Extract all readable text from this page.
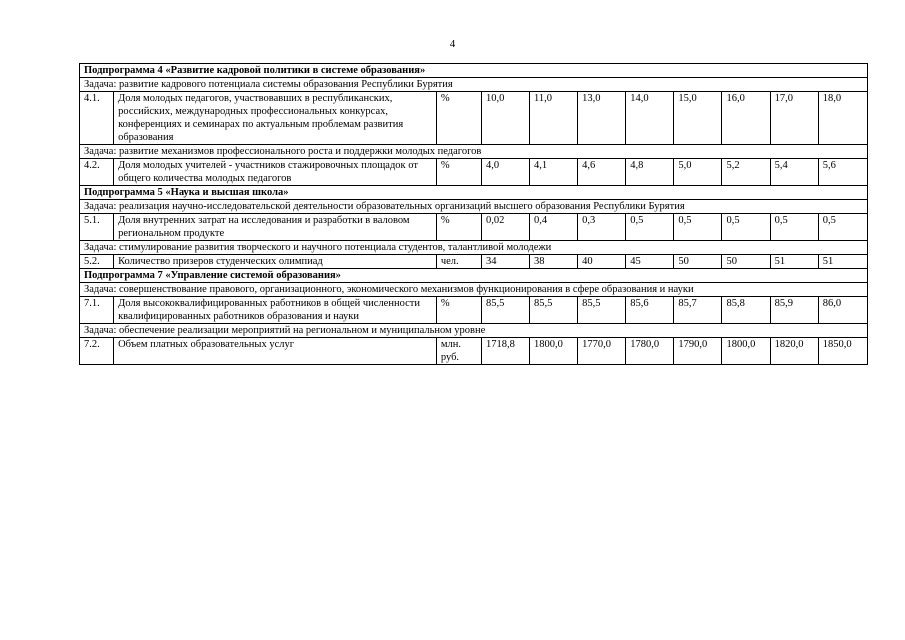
4
Подпрограмма 4 «Развитие кадровой политики в системе образования»										
Задача: развитие кадрового потенциала системы образования Республики Бурятия										
4.1.	Доля молодых педагогов, участвовавших в республиканских, российских, международных профессиональных конкурсах, конференциях и семинарах по актуальным проблемам развития образования	%	10,0	11,0	13,0	14,0	15,0	16,0	17,0	18,0
Задача: развитие механизмов профессионального роста и поддержки молодых педагогов										
4.2.	Доля молодых учителей - участников стажировочных площадок от общего количества молодых педагогов	%	4,0	4,1	4,6	4,8	5,0	5,2	5,4	5,6
Подпрограмма 5 «Наука и высшая школа»										
Задача: реализация научно-исследовательской деятельности образовательных организаций высшего образования Республики Бурятия										
5.1.	Доля внутренних затрат на исследования и разработки в валовом региональном продукте	%	0,02	0,4	0,3	0,5	0,5	0,5	0,5	0,5
Задача: стимулирование развития творческого и научного потенциала студентов, талантливой молодежи										
5.2.	Количество призеров студенческих олимпиад	чел.	34	38	40	45	50	50	51	51
Подпрограмма 7 «Управление системой образования»										
Задача: совершенствование правового, организационного, экономического механизмов функционирования в сфере образования и науки										
7.1.	Доля высококвалифицированных работников в общей численности квалифицированных работников образования и науки	%	85,5	85,5	85,5	85,6	85,7	85,8	85,9	86,0
Задача: обеспечение реализации мероприятий на региональном и муниципальном уровне										
7.2.	Объем платных образовательных услуг	млн. руб.	1718,8	1800,0	1770,0	1780,0	1790,0	1800,0	1820,0	1850,0
